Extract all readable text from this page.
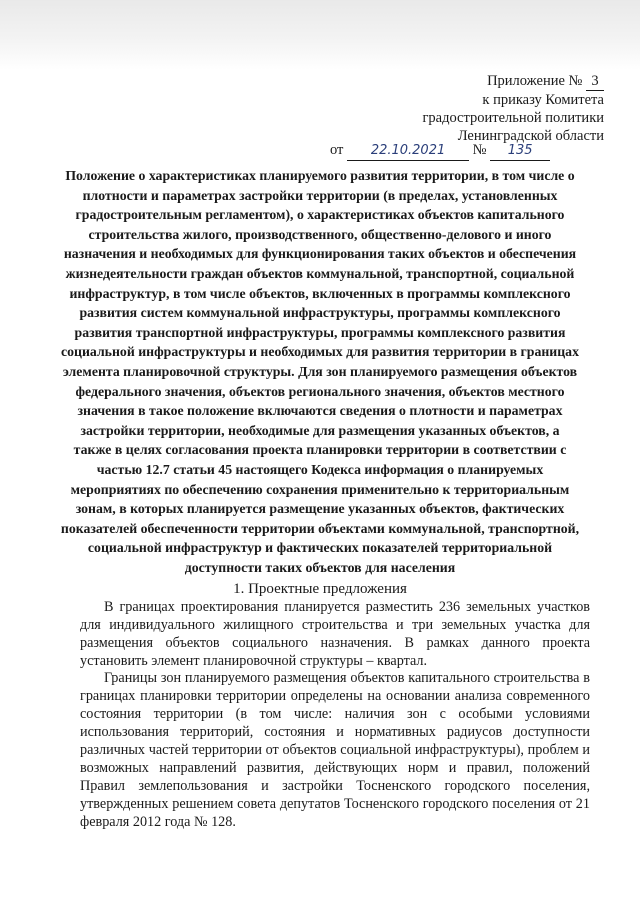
Приложение № 3
к приказу Комитета
градостроительной политики
Ленинградской области
от 22.10.2021 № 135
Положение о характеристиках планируемого развития территории, в том числе о плотности и параметрах застройки территории (в пределах, установленных градостроительным регламентом), о характеристиках объектов капитального строительства жилого, производственного, общественно-делового и иного назначения и необходимых для функционирования таких объектов и обеспечения жизнедеятельности граждан объектов коммунальной, транспортной, социальной инфраструктур, в том числе объектов, включенных в программы комплексного развития систем коммунальной инфраструктуры, программы комплексного развития транспортной инфраструктуры, программы комплексного развития социальной инфраструктуры и необходимых для развития территории в границах элемента планировочной структуры. Для зон планируемого размещения объектов федерального значения, объектов регионального значения, объектов местного значения в такое положение включаются сведения о плотности и параметрах застройки территории, необходимые для размещения указанных объектов, а также в целях согласования проекта планировки территории в соответствии с частью 12.7 статьи 45 настоящего Кодекса информация о планируемых мероприятиях по обеспечению сохранения применительно к территориальным зонам, в которых планируется размещение указанных объектов, фактических показателей обеспеченности территории объектами коммунальной, транспортной, социальной инфраструктур и фактических показателей территориальной доступности таких объектов для населения
1. Проектные предложения

В границах проектирования планируется разместить 236 земельных участков для индивидуального жилищного строительства и три земельных участка для размещения объектов социального назначения. В рамках данного проекта установить элемент планировочной структуры – квартал.

Границы зон планируемого размещения объектов капитального строительства в границах планировки территории определены на основании анализа современного состояния территории (в том числе: наличия зон с особыми условиями использования территорий, состояния и нормативных радиусов доступности различных частей территории от объектов социальной инфраструктуры), проблем и возможных направлений развития, действующих норм и правил, положений Правил землепользования и застройки Тосненского городского поселения, утвержденных решением совета депутатов Тосненского городского поселения от 21 февраля 2012 года № 128.
